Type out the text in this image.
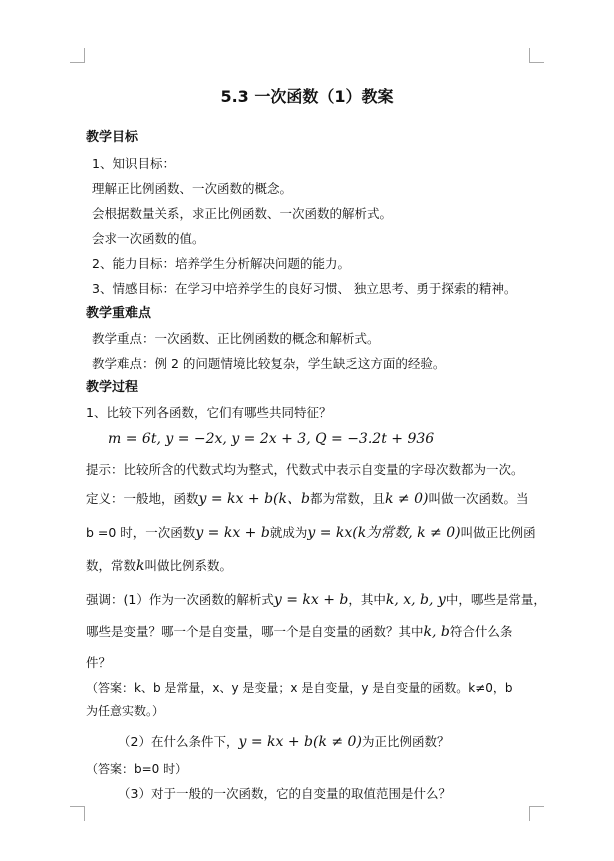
5.3 一次函数（1）教案
教学目标
1、知识目标：
理解正比例函数、一次函数的概念。
会根据数量关系，求正比例函数、一次函数的解析式。
会求一次函数的值。
2、能力目标：培养学生分析解决问题的能力。
3、情感目标：在学习中培养学生的良好习惯、 独立思考、勇于探索的精神。
教学重难点
教学重点：一次函数、正比例函数的概念和解析式。
教学难点：例 2 的问题情境比较复杂，学生缺乏这方面的经验。
教学过程
1、比较下列各函数，它们有哪些共同特征？
m = 6t, y = −2x, y = 2x + 3, Q = −3.2t + 936
提示：比较所含的代数式均为整式，代数式中表示自变量的字母次数都为一次。
定义：一般地，函数y = kx + b(k、b都为常数，且k ≠ 0)叫做一次函数。当
b =0 时，一次函数y = kx + b就成为y = kx(k为常数, k ≠ 0)叫做正比例函
数，常数k叫做比例系数。
强调：(1）作为一次函数的解析式y = kx + b，其中k, x, b, y中，哪些是常量，
哪些是变量？哪一个是自变量，哪一个是自变量的函数？其中k, b符合什么条
件？
（答案：k、b 是常量，x、y 是变量；x 是自变量，y 是自变量的函数。k≠0，b
为任意实数。）
（2）在什么条件下，y = kx + b(k ≠ 0)为正比例函数？
（答案：b=0 时）
（3）对于一般的一次函数，它的自变量的取值范围是什么？
